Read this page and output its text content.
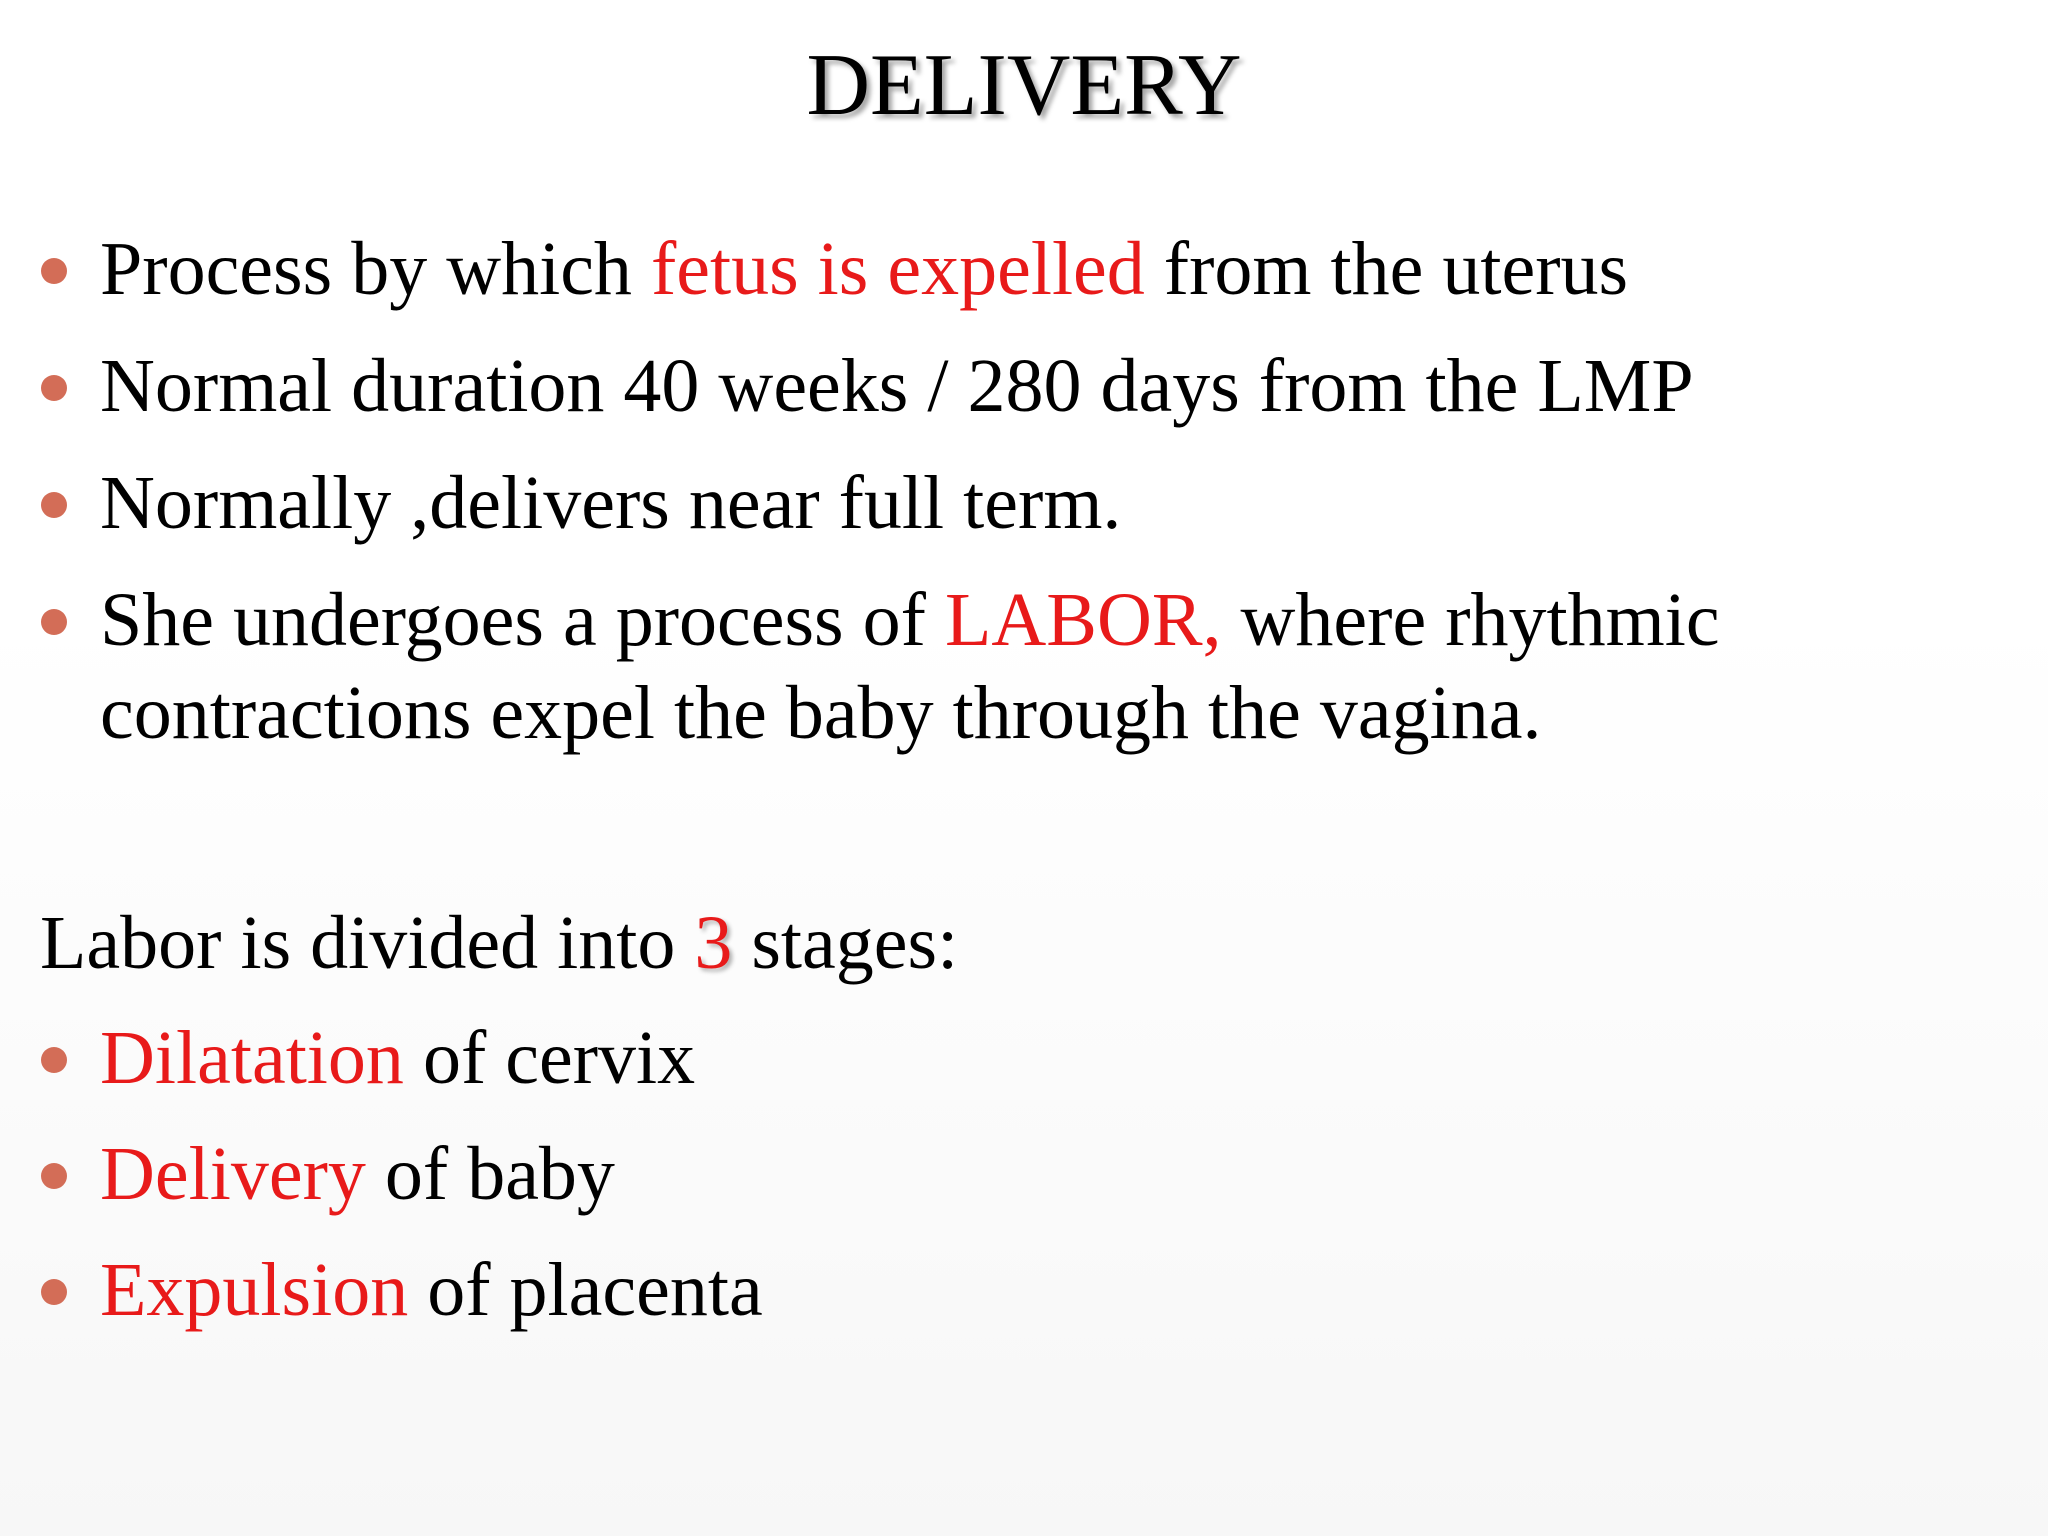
DELIVERY
Process by which fetus is expelled from the uterus
Normal duration 40 weeks / 280 days from the LMP
Normally ,delivers near full term.
She undergoes a process of LABOR, where rhythmic
contractions expel the baby through the vagina.
Labor is divided into 3 stages:
Dilatation of cervix
Delivery of baby
Expulsion of placenta
